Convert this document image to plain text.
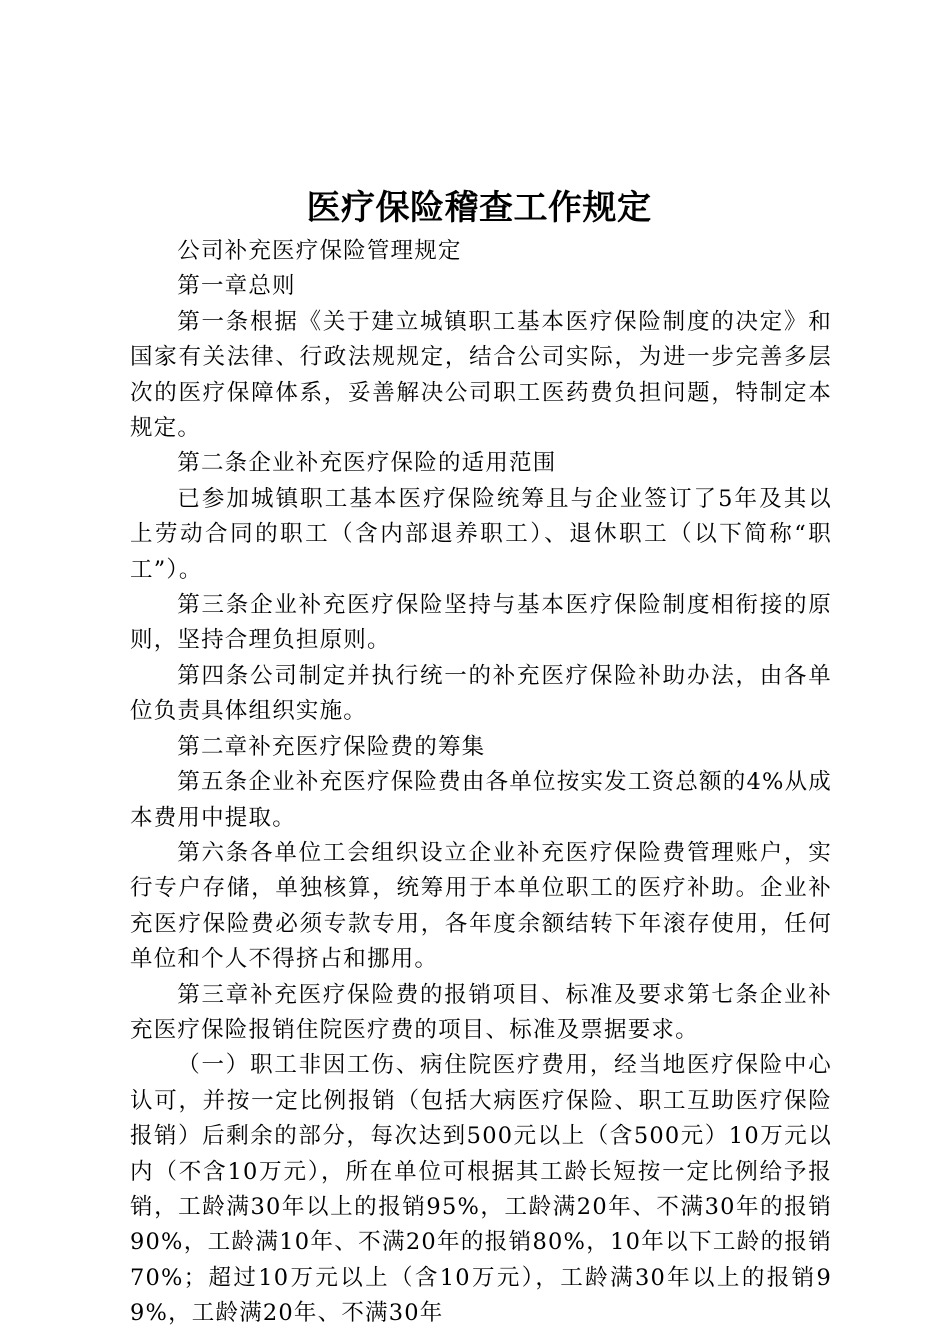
医疗保险稽查工作规定

公司补充医疗保险管理规定

第一章总则

第一条根据《关于建立城镇职工基本医疗保险制度的决定》和国家有关法律、行政法规规定，结合公司实际，为进一步完善多层次的医疗保障体系，妥善解决公司职工医药费负担问题，特制定本规定。

第二条企业补充医疗保险的适用范围

已参加城镇职工基本医疗保险统筹且与企业签订了5年及其以上劳动合同的职工（含内部退养职工）、退休职工（以下简称“职工”）。

第三条企业补充医疗保险坚持与基本医疗保险制度相衔接的原则，坚持合理负担原则。

第四条公司制定并执行统一的补充医疗保险补助办法，由各单位负责具体组织实施。

第二章补充医疗保险费的筹集

第五条企业补充医疗保险费由各单位按实发工资总额的4%从成本费用中提取。

第六条各单位工会组织设立企业补充医疗保险费管理账户，实行专户存储，单独核算，统筹用于本单位职工的医疗补助。企业补充医疗保险费必须专款专用，各年度余额结转下年滚存使用，任何单位和个人不得挤占和挪用。

第三章补充医疗保险费的报销项目、标准及要求第七条企业补充医疗保险报销住院医疗费的项目、标准及票据要求。

（一）职工非因工伤、病住院医疗费用，经当地医疗保险中心认可，并按一定比例报销（包括大病医疗保险、职工互助医疗保险报销）后剩余的部分，每次达到500元以上（含500元）10万元以内（不含10万元），所在单位可根据其工龄长短按一定比例给予报销，工龄满30年以上的报销95%，工龄满20年、不满30年的报销90%，工龄满10年、不满20年的报销80%，10年以下工龄的报销70%；超过10万元以上（含10万元），工龄满30年以上的报销99%，工龄满20年、不满30年
